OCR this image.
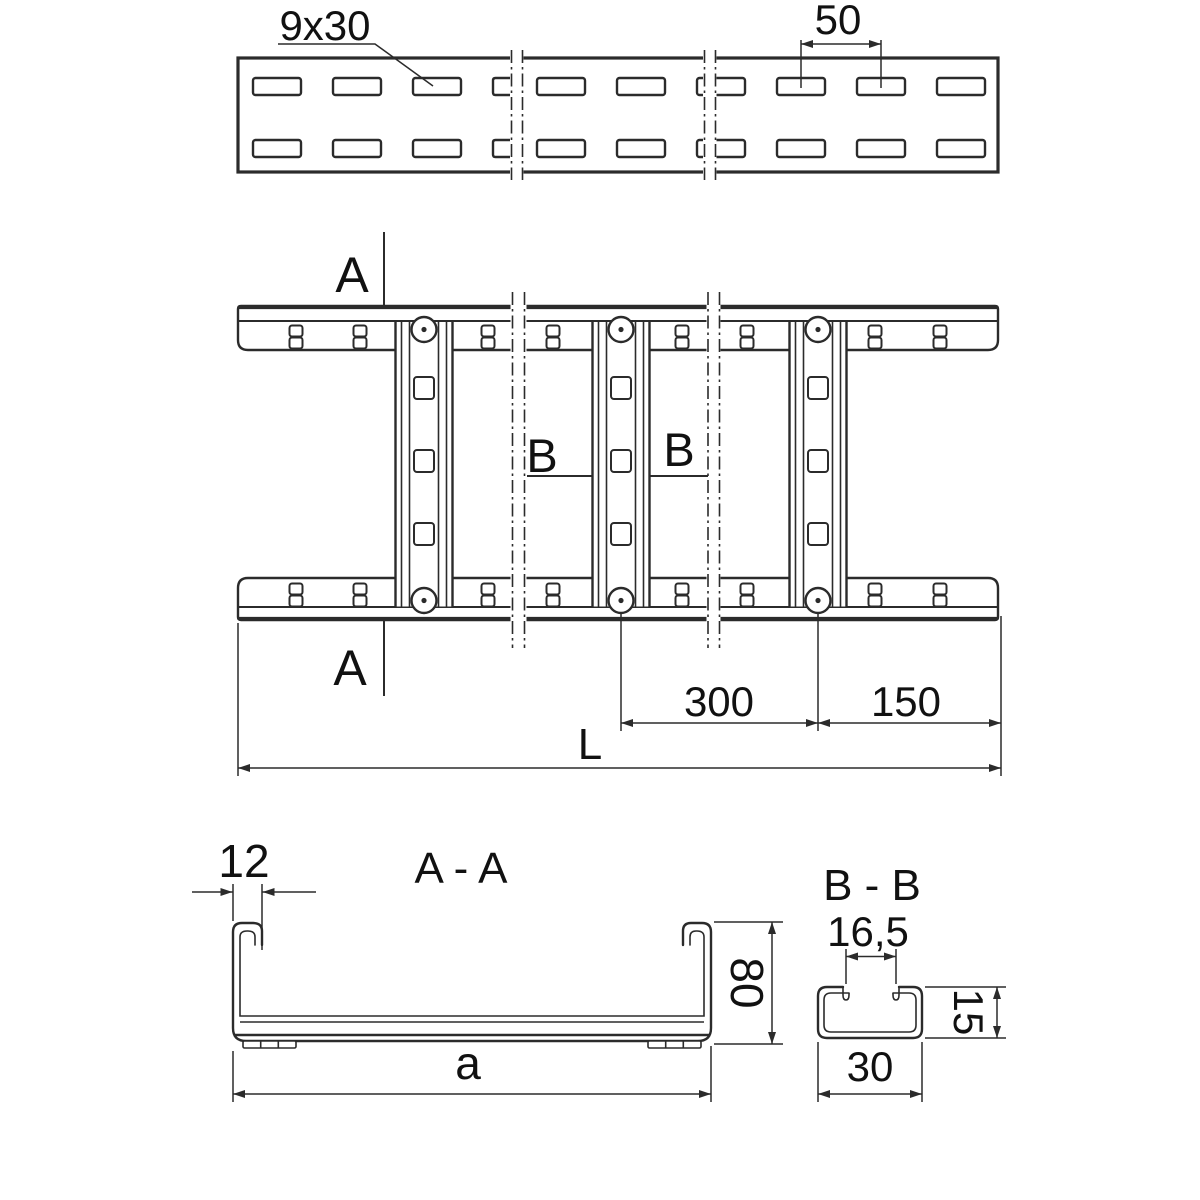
50
9x30
A
A
B B
300	150
L
A - A
12
80
a
B - B
16,5
15
30
